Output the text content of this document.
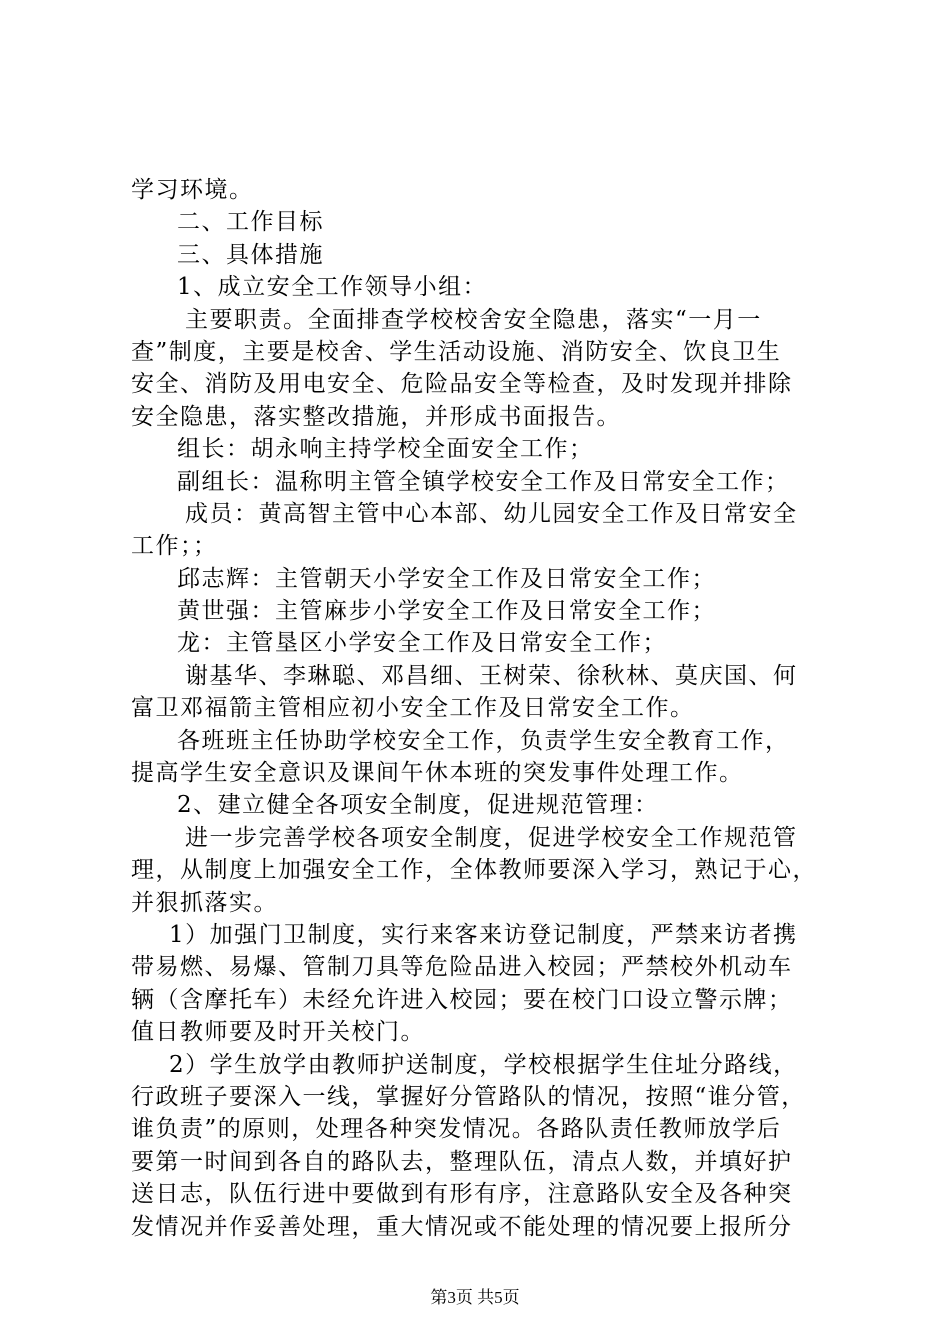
学习环境。
二、工作目标
三、具体措施
1、成立安全工作领导小组：
主要职责。全面排查学校校舍安全隐患，落实“一月一
查”制度，主要是校舍、学生活动设施、消防安全、饮良卫生
安全、消防及用电安全、危险品安全等检查，及时发现并排除
安全隐患，落实整改措施，并形成书面报告。
组长：胡永响主持学校全面安全工作；
副组长：温称明主管全镇学校安全工作及日常安全工作；
成员：黄高智主管中心本部、幼儿园安全工作及日常安全
工作；；
邱志辉：主管朝天小学安全工作及日常安全工作；
黄世强：主管麻步小学安全工作及日常安全工作；
龙：主管垦区小学安全工作及日常安全工作；
谢基华、李琳聪、邓昌细、王树荣、徐秋林、莫庆国、何
富卫邓福箭主管相应初小安全工作及日常安全工作。
各班班主任协助学校安全工作，负责学生安全教育工作，
提高学生安全意识及课间午休本班的突发事件处理工作。
2、建立健全各项安全制度，促进规范管理：
进一步完善学校各项安全制度，促进学校安全工作规范管
理，从制度上加强安全工作，全体教师要深入学习，熟记于心，
并狠抓落实。
1）加强门卫制度，实行来客来访登记制度，严禁来访者携
带易燃、易爆、管制刀具等危险品进入校园；严禁校外机动车
辆（含摩托车）未经允许进入校园；要在校门口设立警示牌；
值日教师要及时开关校门。
2）学生放学由教师护送制度，学校根据学生住址分路线，
行政班子要深入一线，掌握好分管路队的情况，按照“谁分管，
谁负责”的原则，处理各种突发情况。各路队责任教师放学后
要第一时间到各自的路队去，整理队伍，清点人数，并填好护
送日志，队伍行进中要做到有形有序，注意路队安全及各种突
发情况并作妥善处理，重大情况或不能处理的情况要上报所分
第3页 共5页
